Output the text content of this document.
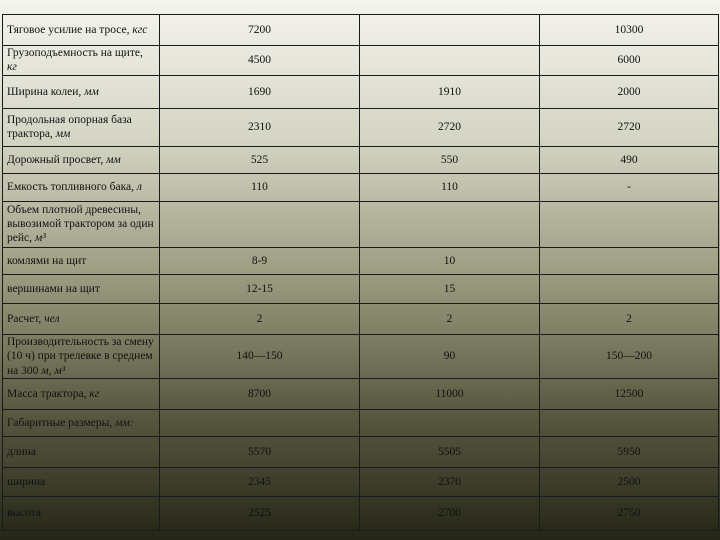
Тяговое усилие на тросе, кгс	7200		10300
Грузоподъемность на щите, кг	4500		6000
Ширина колеи, мм	1690	1910	2000
Продольная опорная база трактора, мм	2310	2720	2720
Дорожный просвет, мм	525	550	490
Емкость топливного бака, л	110	110	-
Объем плотной древесины, вывозимой трактором за один рейс, м³			
комлями на щит	8-9	10	
вершинами на щит	12-15	15	
Расчет, чел	2	2	2
Производительность за смену (10 ч) при трелевке в среднем на 300 м, м³	140—150	90	150—200
Масса трактора, кг	8700	11000	12500
Габаритные размеры, мм:			
длина	5570	5505	5950
ширина	2345	2370	2500
высота	2525	2700	2750
